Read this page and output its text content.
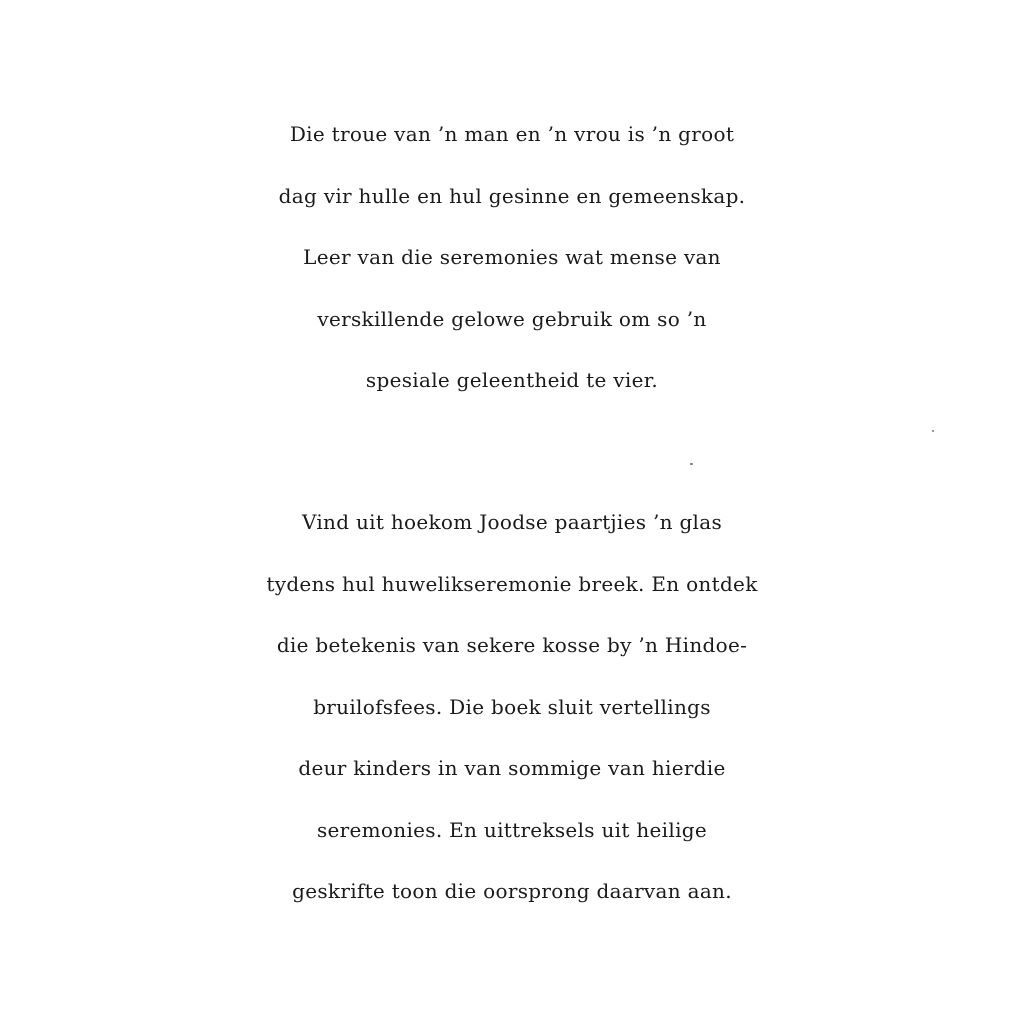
Die troue van ’n man en ’n vrou is ’n groot
dag vir hulle en hul gesinne en gemeenskap.
Leer van die seremonies wat mense van
verskillende gelowe gebruik om so ’n
spesiale geleentheid te vier.
Vind uit hoekom Joodse paartjies ’n glas
tydens hul huwelikseremonie breek. En ontdek
die betekenis van sekere kosse by ’n Hindoe-
bruilofsfees. Die boek sluit vertellings
deur kinders in van sommige van hierdie
seremonies. En uittreksels uit heilige
geskrifte toon die oorsprong daarvan aan.
